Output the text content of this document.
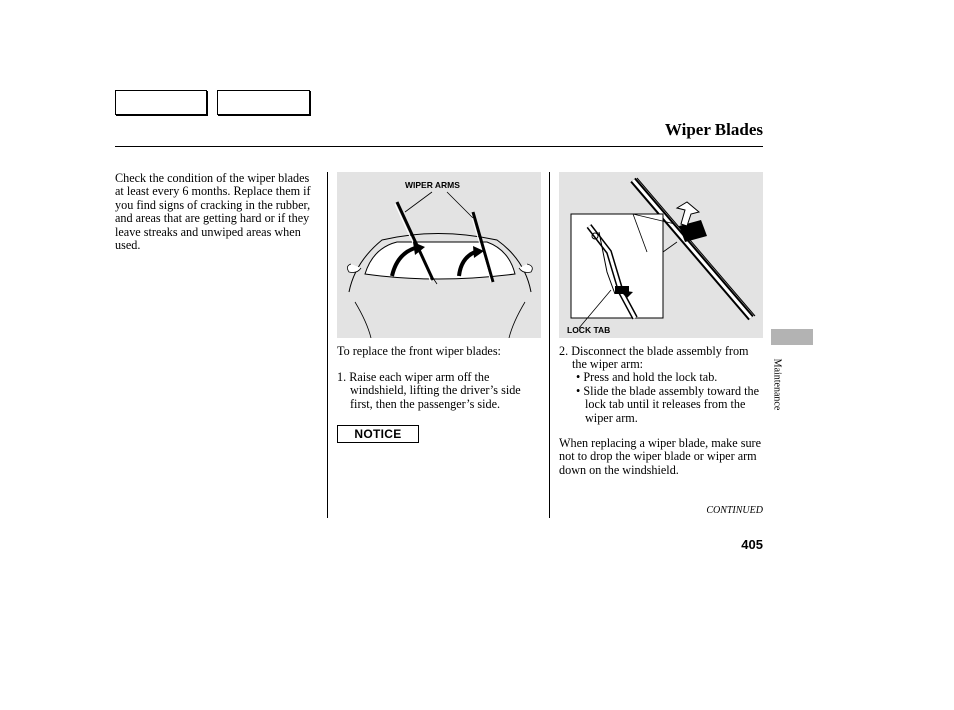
Wiper Blades
Check the condition of the wiper blades at least every 6 months. Replace them if you find signs of cracking in the rubber, and areas that are getting hard or if they leave streaks and unwiped areas when used.
WIPER ARMS
LOCK TAB
To replace the front wiper blades:
1. Raise each wiper arm off the windshield, lifting the driver’s side first, then the passenger’s side.
NOTICE
2. Disconnect the blade assembly from the wiper arm:
• Press and hold the lock tab.
• Slide the blade assembly toward the lock tab until it releases from the wiper arm.
When replacing a wiper blade, make sure not to drop the wiper blade or wiper arm down on the windshield.
Maintenance
CONTINUED
405
